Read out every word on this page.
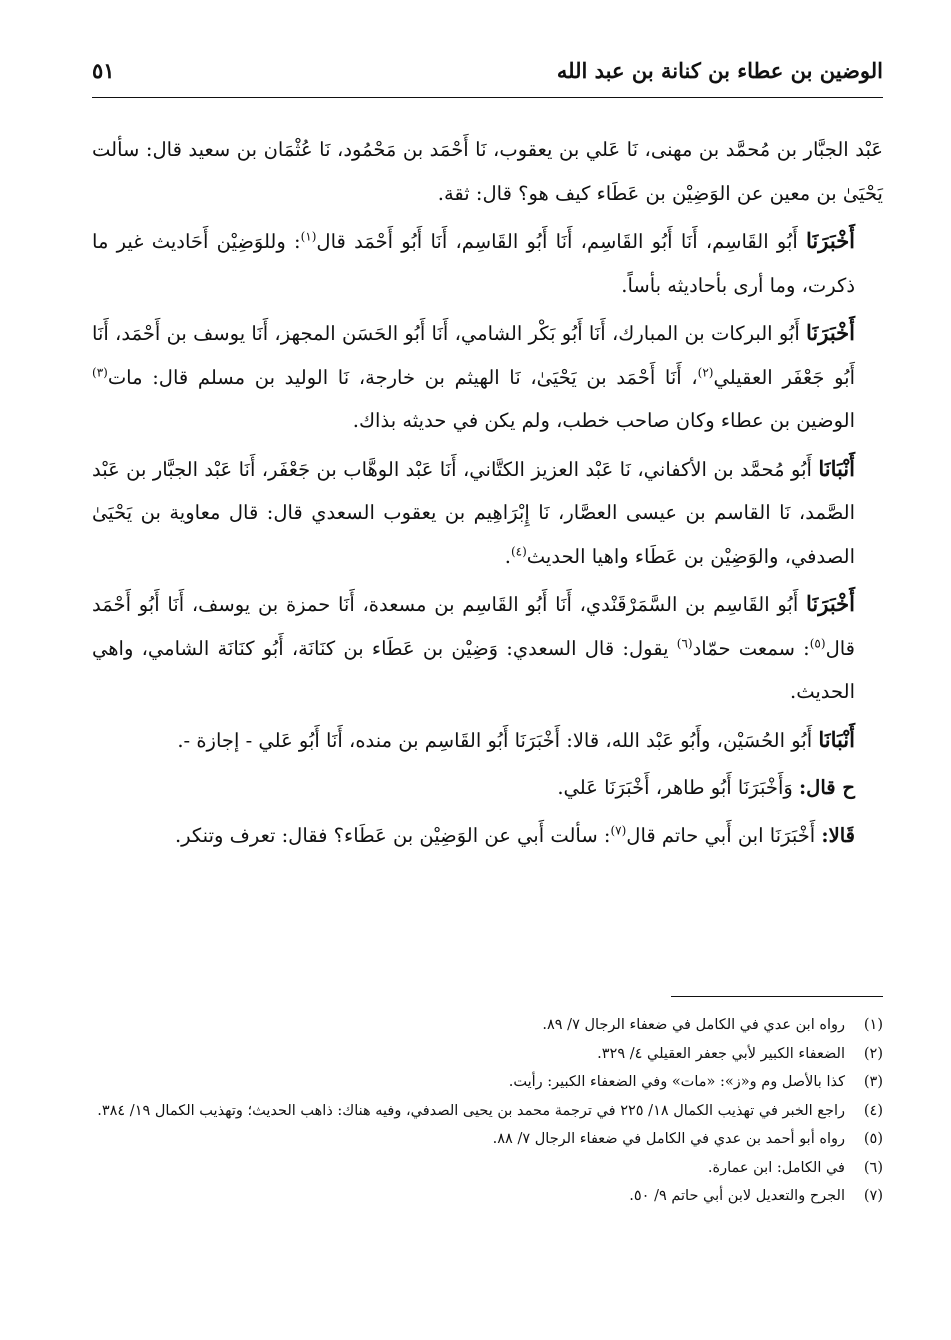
الوضين بن عطاء بن كنانة بن عبد الله
٥١

عَبْد الجبَّار بن مُحمَّد بن مهنى، نَا عَلي بن يعقوب، نَا أَحْمَد بن مَحْمُود، نَا عُثْمَان بن سعيد قال: سألت يَحْيَىٰ بن معين عن الوَضِيْن بن عَطَاء كيف هو؟ قال: ثقة.

أَخْبَرَنَا أَبُو القَاسِم، أَنَا أَبُو القَاسِم، أَنَا أَبُو القَاسِم، أَنَا أَبُو أَحْمَد قال$^{(١)}$: وللوَضِيْن أَحَاديث غير ما ذكرت، وما أرى بأحاديثه بأساً.

أَخْبَرَنَا أَبُو البركات بن المبارك، أَنَا أَبُو بَكْر الشامي، أَنَا أَبُو الحَسَن المجهز، أَنَا يوسف بن أَحْمَد، أَنَا أَبُو جَعْفَر العقيلي$^{(٢)}$، أَنَا أَحْمَد بن يَحْيَىٰ، نَا الهيثم بن خارجة، نَا الوليد بن مسلم قال: مات$^{(٣)}$ الوضين بن عطاء وكان صاحب خطب، ولم يكن في حديثه بذاك.

أَنْبَانَا أَبُو مُحمَّد بن الأكفاني، نَا عَبْد العزيز الكتَّاني، أَنَا عَبْد الوهَّاب بن جَعْفَر، أَنَا عَبْد الجبَّار بن عَبْد الصَّمد، نَا القاسم بن عيسى العصَّار، نَا إِبْرَاهِيم بن يعقوب السعدي قال: قال معاوية بن يَحْيَىٰ الصدفي، والوَضِيْن بن عَطَاء واهيا الحديث$^{(٤)}$.

أَخْبَرَنَا أَبُو القَاسِم بن السَّمَرْقَنْدي، أَنَا أَبُو القَاسِم بن مسعدة، أَنَا حمزة بن يوسف، أَنَا أَبُو أَحْمَد قال$^{(٥)}$: سمعت حمّاد$^{(٦)}$ يقول: قال السعدي: وَضِيْن بن عَطَاء بن كنَانَة، أَبُو كنَانَة الشامي، واهي الحديث.

أَنْبَانَا أَبُو الحُسَيْن، وأَبُو عَبْد الله، قالا: أَخْبَرَنَا أَبُو القَاسِم بن منده، أَنَا أَبُو عَلي - إجازة -.

ح قال: وَأَخْبَرَنَا أَبُو طاهر، أَخْبَرَنَا عَلي.

قَالا: أَخْبَرَنَا ابن أَبي حاتم قال$^{(٧)}$: سألت أَبي عن الوَضِيْن بن عَطَاء؟ فقال: تعرف وتنكر.

(١)
رواه ابن عدي في الكامل في ضعفاء الرجال ٧/ ٨٩.
(٢)
الضعفاء الكبير لأبي جعفر العقيلي ٤/ ٣٢٩.
(٣)
كذا بالأصل وم و«ز»: «مات» وفي الضعفاء الكبير: رأيت.
(٤)
راجع الخبر في تهذيب الكمال ١٨/ ٢٢٥ في ترجمة محمد بن يحيى الصدفي، وفيه هناك: ذاهب الحديث؛ وتهذيب الكمال ١٩/ ٣٨٤.
(٥)
رواه أبو أحمد بن عدي في الكامل في ضعفاء الرجال ٧/ ٨٨.
(٦)
في الكامل: ابن عمارة.
(٧)
الجرح والتعديل لابن أبي حاتم ٩/ ٥٠.
